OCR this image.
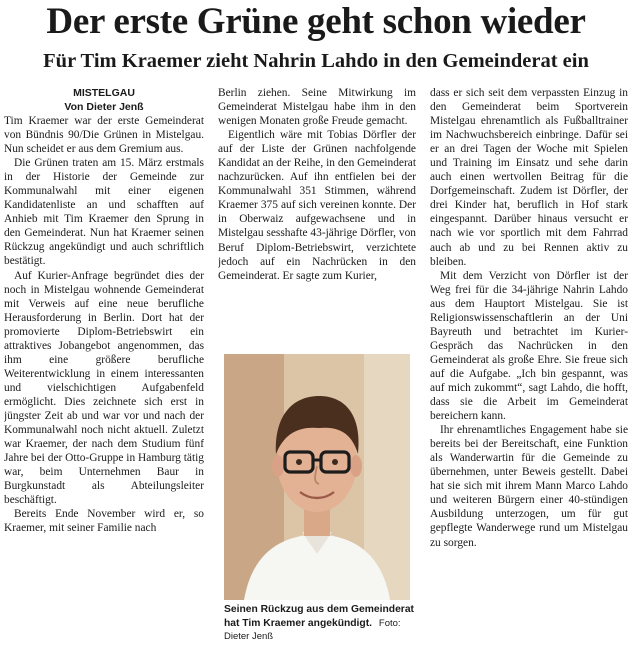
Der erste Grüne geht schon wieder
Für Tim Kraemer zieht Nahrin Lahdo in den Gemeinderat ein
MISTELGAU
Von Dieter Jenß

Tim Kraemer war der erste Gemeinderat von Bündnis 90/Die Grünen in Mistelgau. Nun scheidet er aus dem Gremium aus.

Die Grünen traten am 15. März erstmals in der Historie der Gemeinde zur Kommunalwahl mit einer eigenen Kandidatenliste an und schafften auf Anhieb mit Tim Kraemer den Sprung in den Gemeinderat. Nun hat Kraemer seinen Rückzug angekündigt und auch schriftlich bestätigt.

Auf Kurier-Anfrage begründet dies der noch in Mistelgau wohnende Gemeinderat mit Verweis auf eine neue berufliche Herausforderung in Berlin. Dort hat der promovierte Diplom-Betriebswirt ein attraktives Jobangebot angenommen, das ihm eine größere berufliche Weiterentwicklung in einem interessanten und vielschichtigen Aufgabenfeld ermöglicht. Dies zeichnete sich erst in jüngster Zeit ab und war vor und nach der Kommunalwahl noch nicht aktuell. Zuletzt war Kraemer, der nach dem Studium fünf Jahre bei der Otto-Gruppe in Hamburg tätig war, beim Unternehmen Baur in Burgkunstadt als Abteilungsleiter beschäftigt.

Bereits Ende November wird er, so Kraemer, mit seiner Familie nach

Berlin ziehen. Seine Mitwirkung im Gemeinderat Mistelgau habe ihm in den wenigen Monaten große Freude gemacht.

Eigentlich wäre mit Tobias Dörfler der auf der Liste der Grünen nachfolgende Kandidat an der Reihe, in den Gemeinderat nachzurücken. Auf ihn entfielen bei der Kommunalwahl 351 Stimmen, während Kraemer 375 auf sich vereinen konnte. Der in Oberwaiz aufgewachsene und in Mistelgau sesshafte 43-jährige Dörfler, von Beruf Diplom-Betriebswirt, verzichtete jedoch auf ein Nachrücken in den Gemeinderat. Er sagte zum Kurier,

Seinen Rückzug aus dem Gemeinderat hat Tim Kraemer angekündigt. Foto: Dieter Jenß

dass er sich seit dem verpassten Einzug in den Gemeinderat beim Sportverein Mistelgau ehrenamtlich als Fußballtrainer im Nachwuchsbereich einbringe. Dafür sei er an drei Tagen der Woche mit Spielen und Training im Einsatz und sehe darin auch einen wertvollen Beitrag für die Dorfgemeinschaft. Zudem ist Dörfler, der drei Kinder hat, beruflich in Hof stark eingespannt. Darüber hinaus versucht er nach wie vor sportlich mit dem Fahrrad auch ab und zu bei Rennen aktiv zu bleiben.

Mit dem Verzicht von Dörfler ist der Weg frei für die 34-jährige Nahrin Lahdo aus dem Hauptort Mistelgau. Sie ist Religionswissenschaftlerin an der Uni Bayreuth und betrachtet im Kurier-Gespräch das Nachrücken in den Gemeinderat als große Ehre. Sie freue sich auf die Aufgabe. „Ich bin gespannt, was auf mich zukommt“, sagt Lahdo, die hofft, dass sie die Arbeit im Gemeinderat bereichern kann.

Ihr ehrenamtliches Engagement habe sie bereits bei der Bereitschaft, eine Funktion als Wanderwartin für die Gemeinde zu übernehmen, unter Beweis gestellt. Dabei hat sie sich mit ihrem Mann Marco Lahdo und weiteren Bürgern einer 40-stündigen Ausbildung unterzogen, um für gut gepflegte Wanderwege rund um Mistelgau zu sorgen.
